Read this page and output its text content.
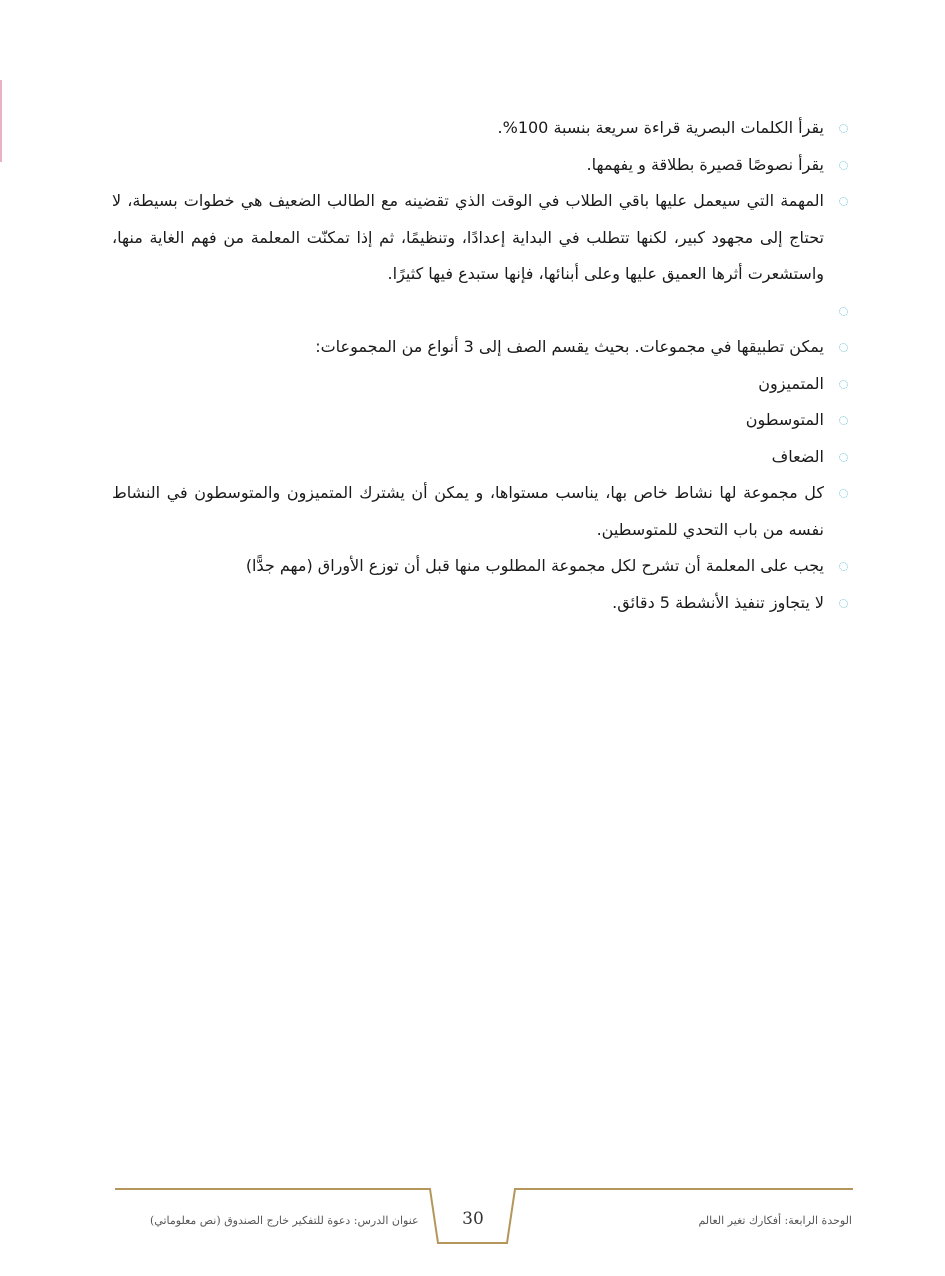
يقرأ الكلمات البصرية قراءة سريعة بنسبة 100%.
يقرأ نصوصًا قصيرة بطلاقة و يفهمها.
المهمة التي سيعمل عليها باقي الطلاب في الوقت الذي تقضينه مع الطالب الضعيف هي خطوات بسيطة، لا تحتاج إلى مجهود كبير، لكنها تتطلب في البداية إعدادًا، وتنظيمًا، ثم إذا تمكنّت المعلمة من فهم الغاية منها، واستشعرت أثرها العميق عليها وعلى أبنائها، فإنها ستبدع فيها كثيرًا.
يمكن تطبيقها في مجموعات. بحيث يقسم الصف إلى 3 أنواع من المجموعات:
المتميزون
المتوسطون
الضعاف
كل مجموعة لها نشاط خاص بها، يناسب مستواها، و يمكن أن يشترك المتميزون والمتوسطون في النشاط نفسه من باب التحدي للمتوسطين.
يجب على المعلمة أن تشرح لكل مجموعة المطلوب منها قبل أن توزع الأوراق (مهم جدًّا)
لا يتجاوز تنفيذ الأنشطة 5 دقائق.
عنوان الدرس: دعوة للتفكير خارج الصندوق (نص معلوماتي)	30	الوحدة الرابعة: أفكارك تغير العالم
